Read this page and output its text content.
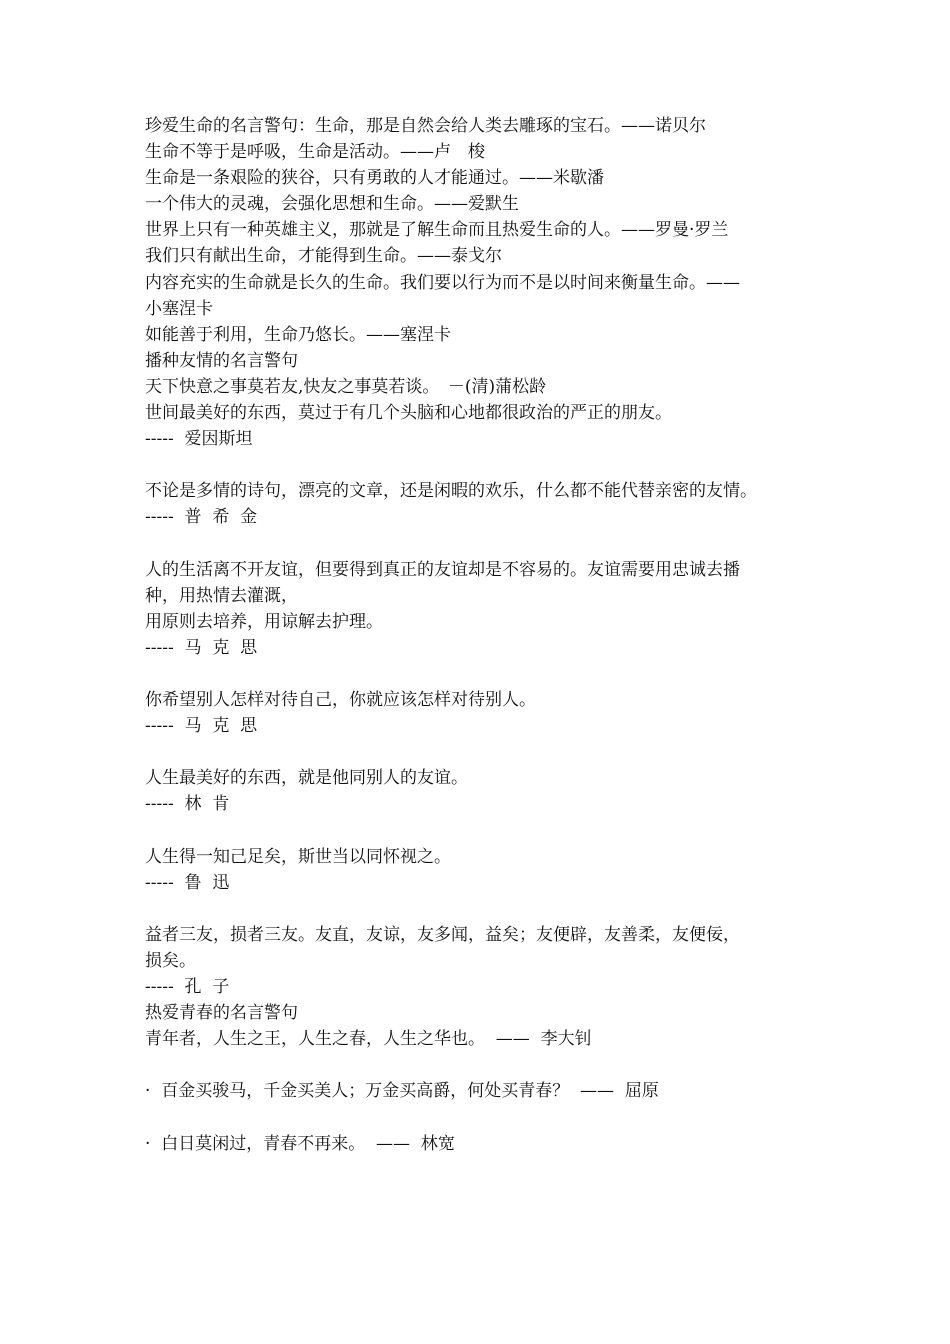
珍爱生命的名言警句：生命，那是自然会给人类去雕琢的宝石。——诺贝尔
生命不等于是呼吸，生命是活动。——卢　梭
生命是一条艰险的狭谷，只有勇敢的人才能通过。——米歇潘
一个伟大的灵魂，会强化思想和生命。——爱默生
世界上只有一种英雄主义，那就是了解生命而且热爱生命的人。——罗曼·罗兰
我们只有献出生命，才能得到生命。——泰戈尔
内容充实的生命就是长久的生命。我们要以行为而不是以时间来衡量生命。——
小塞涅卡
如能善于利用，生命乃悠长。——塞涅卡
播种友情的名言警句
天下快意之事莫若友,快友之事莫若谈。　－(清)蒲松龄
世间最美好的东西，莫过于有几个头脑和心地都很政治的严正的朋友。
-----  爱因斯坦
不论是多情的诗句，漂亮的文章，还是闲暇的欢乐，什么都不能代替亲密的友情。
-----  普  希  金
人的生活离不开友谊，但要得到真正的友谊却是不容易的。友谊需要用忠诚去播
种，用热情去灌溉，
用原则去培养，用谅解去护理。
-----  马  克  思
你希望别人怎样对待自己，你就应该怎样对待别人。
-----  马  克  思
人生最美好的东西，就是他同别人的友谊。
-----  林  肯
人生得一知己足矣，斯世当以同怀视之。
-----  鲁  迅
益者三友，损者三友。友直，友谅，友多闻，益矣；友便辟，友善柔，友便佞，
损矣。
-----  孔  子
热爱青春的名言警句
青年者，人生之王，人生之春，人生之华也。  ——  李大钊
·  百金买骏马，千金买美人；万金买高爵，何处买青春？  ——  屈原
·  白日莫闲过，青春不再来。  ——  林宽
